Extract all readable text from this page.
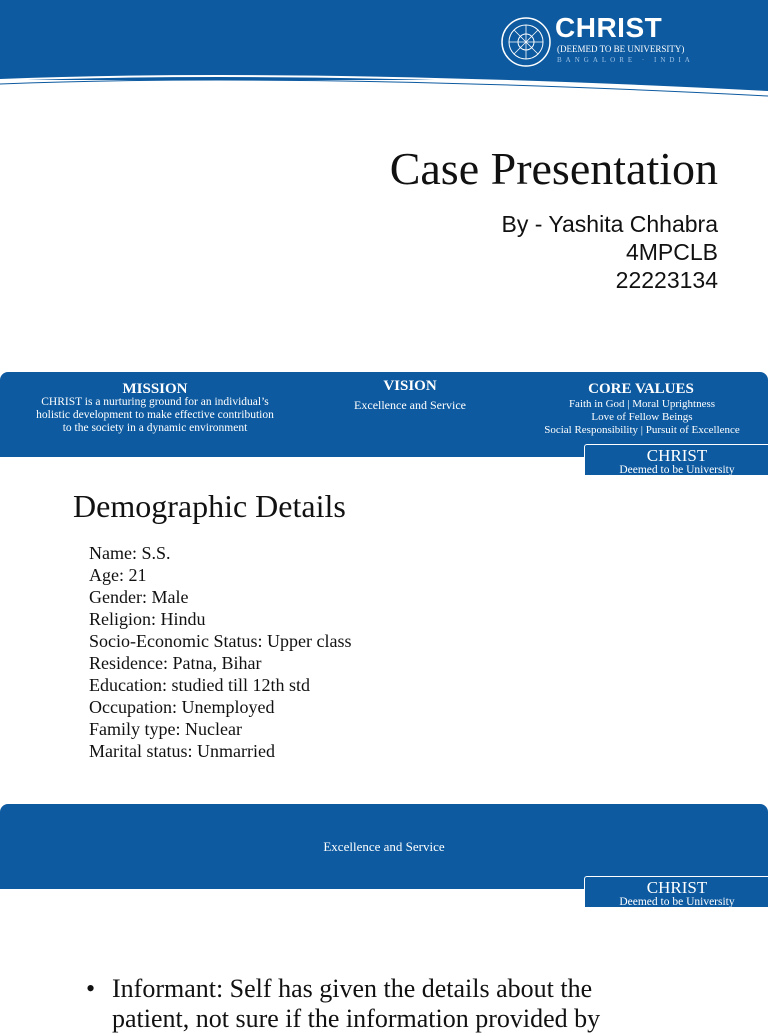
CHRIST
(DEEMED TO BE UNIVERSITY)
BANGALORE · INDIA
Case Presentation
By - Yashita Chhabra
4MPCLB
22223134
MISSION
CHRIST is a nurturing ground for an individual’s
holistic development to make effective contribution
to the society in a dynamic environment
VISION
Excellence and Service
CORE VALUES
Faith in God | Moral Uprightness
Love of Fellow Beings
Social Responsibility | Pursuit of Excellence
CHRIST
Deemed to be University
Demographic Details
Name: S.S.
Age: 21
Gender: Male
Religion: Hindu
Socio-Economic Status: Upper class
Residence: Patna, Bihar
Education: studied till 12th std
Occupation: Unemployed
Family type: Nuclear
Marital status: Unmarried
Excellence and Service
CHRIST
Deemed to be University
• Informant: Self has given the details about the
patient, not sure if the information provided by
